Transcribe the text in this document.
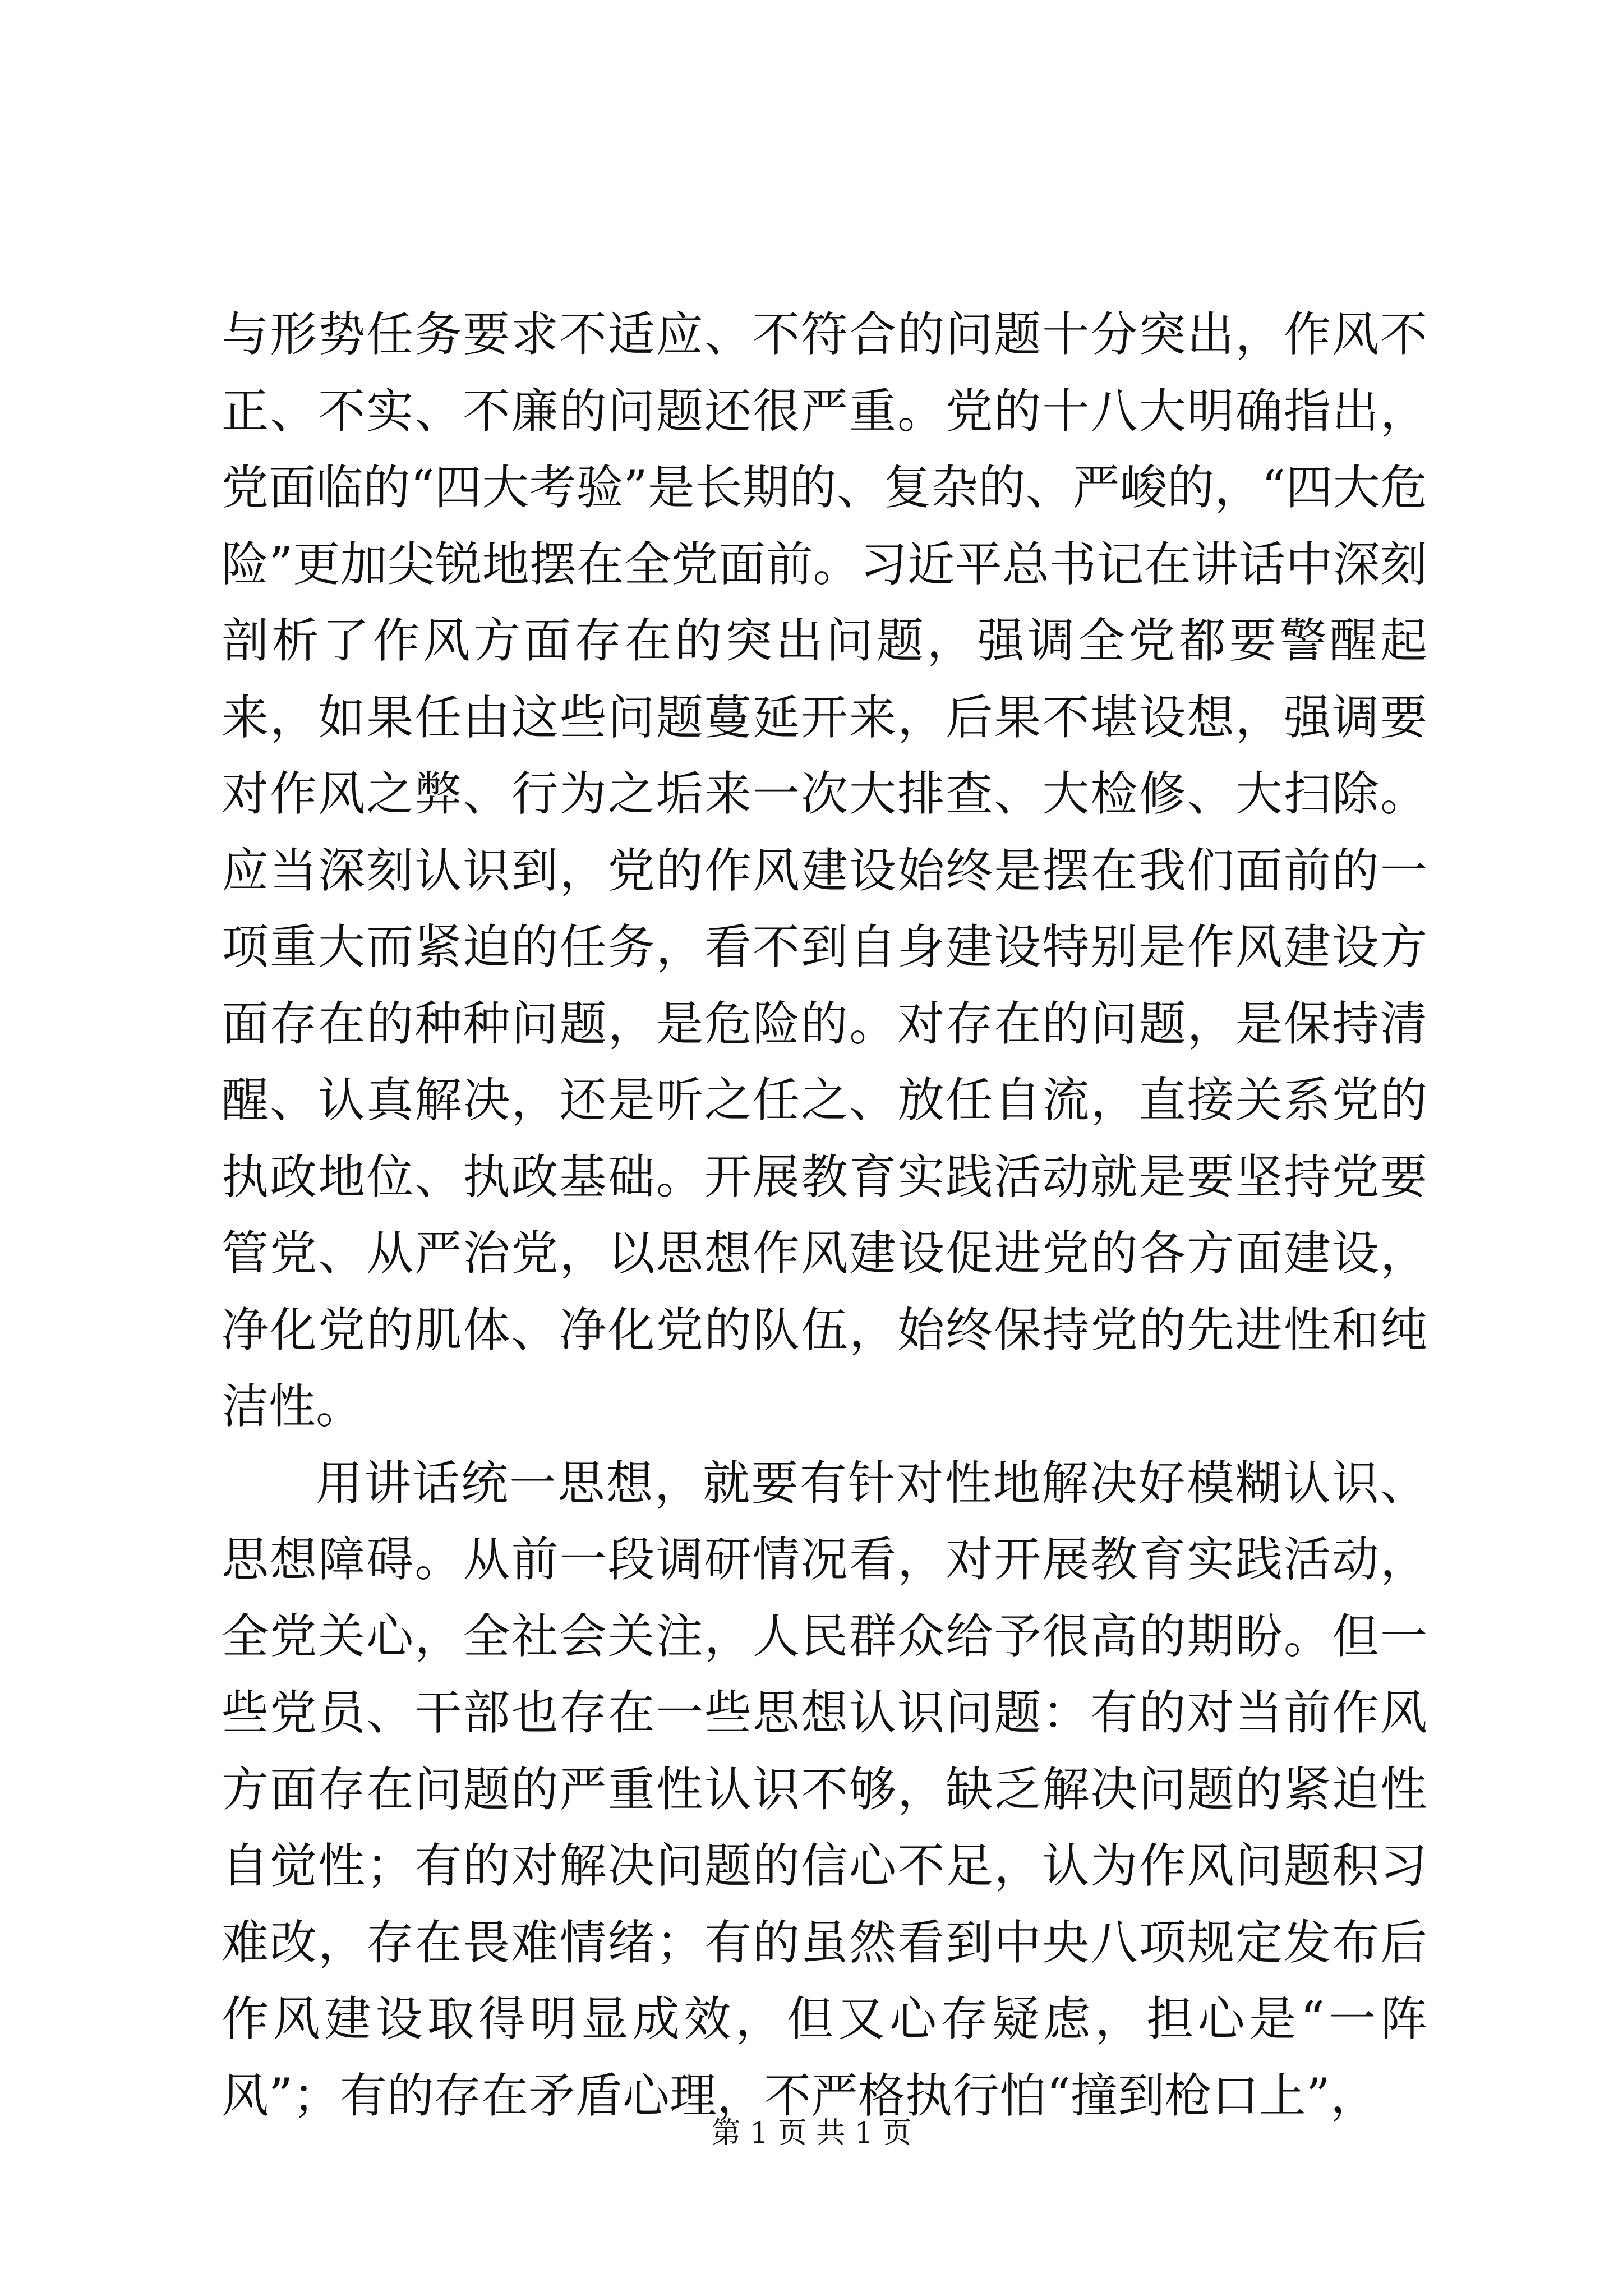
与形势任务要求不适应、不符合的问题十分突出，作风不正、不实、不廉的问题还很严重。党的十八大明确指出，党面临的“四大考验”是长期的、复杂的、严峻的，“四大危险”更加尖锐地摆在全党面前。习近平总书记在讲话中深刻剖析了作风方面存在的突出问题，强调全党都要警醒起来，如果任由这些问题蔓延开来，后果不堪设想，强调要对作风之弊、行为之垢来一次大排查、大检修、大扫除。应当深刻认识到，党的作风建设始终是摆在我们面前的一项重大而紧迫的任务，看不到自身建设特别是作风建设方面存在的种种问题，是危险的。对存在的问题，是保持清醒、认真解决，还是听之任之、放任自流，直接关系党的执政地位、执政基础。开展教育实践活动就是要坚持党要管党、从严治党，以思想作风建设促进党的各方面建设，净化党的肌体、净化党的队伍，始终保持党的先进性和纯洁性。

用讲话统一思想，就要有针对性地解决好模糊认识、思想障碍。从前一段调研情况看，对开展教育实践活动，全党关心，全社会关注，人民群众给予很高的期盼。但一些党员、干部也存在一些思想认识问题：有的对当前作风方面存在问题的严重性认识不够，缺乏解决问题的紧迫性自觉性；有的对解决问题的信心不足，认为作风问题积习难改，存在畏难情绪；有的虽然看到中央八项规定发布后作风建设取得明显成效，但又心存疑虑，担心是“一阵风”；有的存在矛盾心理，不严格执行怕“撞到枪口上”，

第 1 页 共 1 页
